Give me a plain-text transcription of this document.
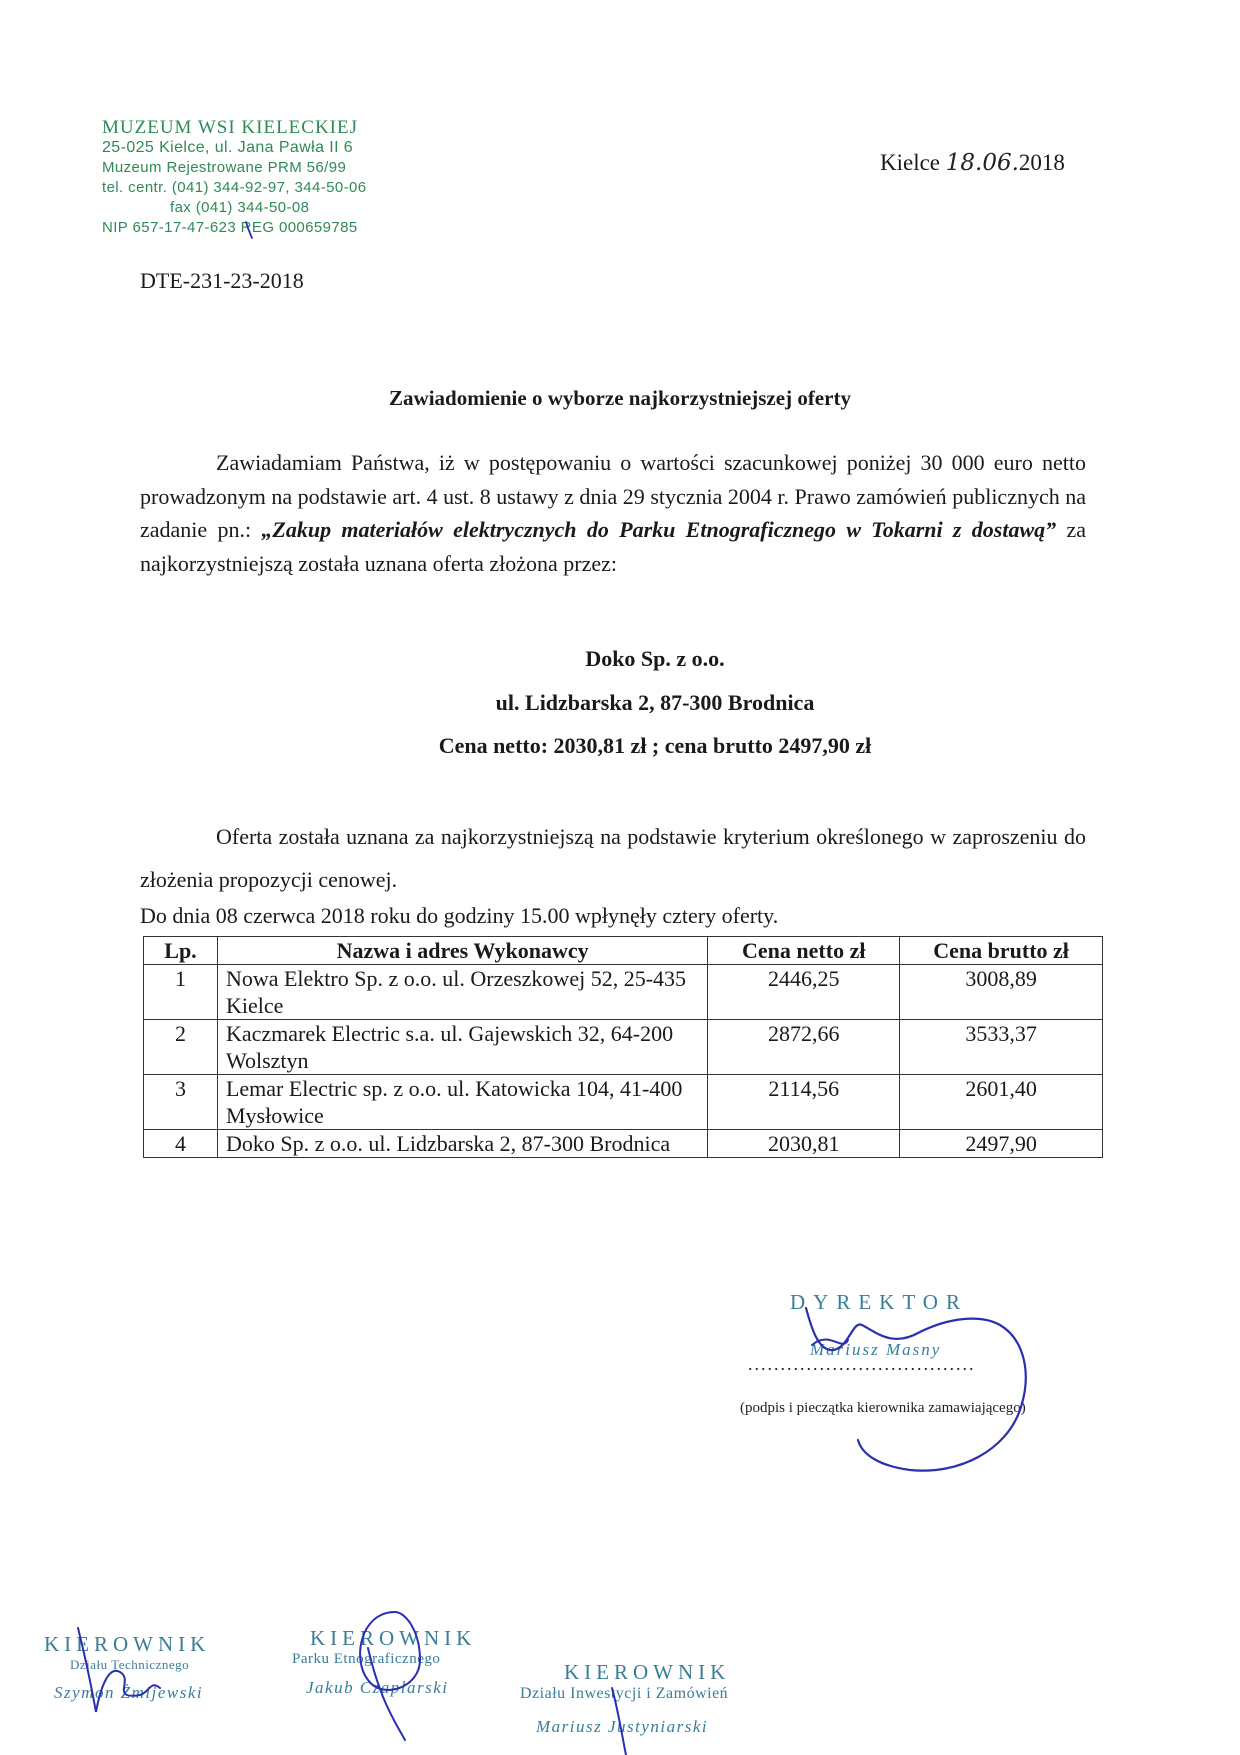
MUZEUM WSI KIELECKIEJ
25-025 Kielce, ul. Jana Pawła II 6
Muzeum Rejestrowane PRM 56/99
tel. centr. (041) 344-92-97, 344-50-06
fax (041) 344-50-08
NIP 657-17-47-623 REG 000659785
Kielce 18.06.2018
DTE-231-23-2018
Zawiadomienie o wyborze najkorzystniejszej oferty
Zawiadamiam Państwa, iż w postępowaniu o wartości szacunkowej poniżej 30 000 euro netto prowadzonym na podstawie art. 4 ust. 8 ustawy z dnia 29 stycznia 2004 r. Prawo zamówień publicznych na zadanie pn.: „Zakup materiałów elektrycznych do Parku Etnograficznego w Tokarni z dostawą” za najkorzystniejszą została uznana oferta złożona przez:
Doko Sp. z o.o.
ul. Lidzbarska 2, 87-300 Brodnica
Cena netto: 2030,81 zł ; cena brutto 2497,90 zł
Oferta została uznana za najkorzystniejszą na podstawie kryterium określonego w zaproszeniu do złożenia propozycji cenowej.
Do dnia 08 czerwca 2018 roku do godziny 15.00 wpłynęły cztery oferty.
Lp.	Nazwa i adres Wykonawcy	Cena netto zł	Cena brutto zł
1	Nowa Elektro Sp. z o.o. ul. Orzeszkowej 52, 25-435 Kielce	2446,25	3008,89
2	Kaczmarek Electric s.a. ul. Gajewskich 32, 64-200 Wolsztyn	2872,66	3533,37
3	Lemar Electric sp. z o.o. ul. Katowicka 104, 41-400 Mysłowice	2114,56	2601,40
4	Doko Sp. z o.o. ul. Lidzbarska 2, 87-300 Brodnica	2030,81	2497,90
DYREKTOR
Mariusz Masny
...................................
(podpis i pieczątka kierownika zamawiającego)
KIEROWNIK
Działu Technicznego
Szymon Żmijewski
KIEROWNIK
Parku Etnograficznego
Jakub Czaplarski
KIEROWNIK
Działu Inwestycji i Zamówień
Mariusz Justyniarski
